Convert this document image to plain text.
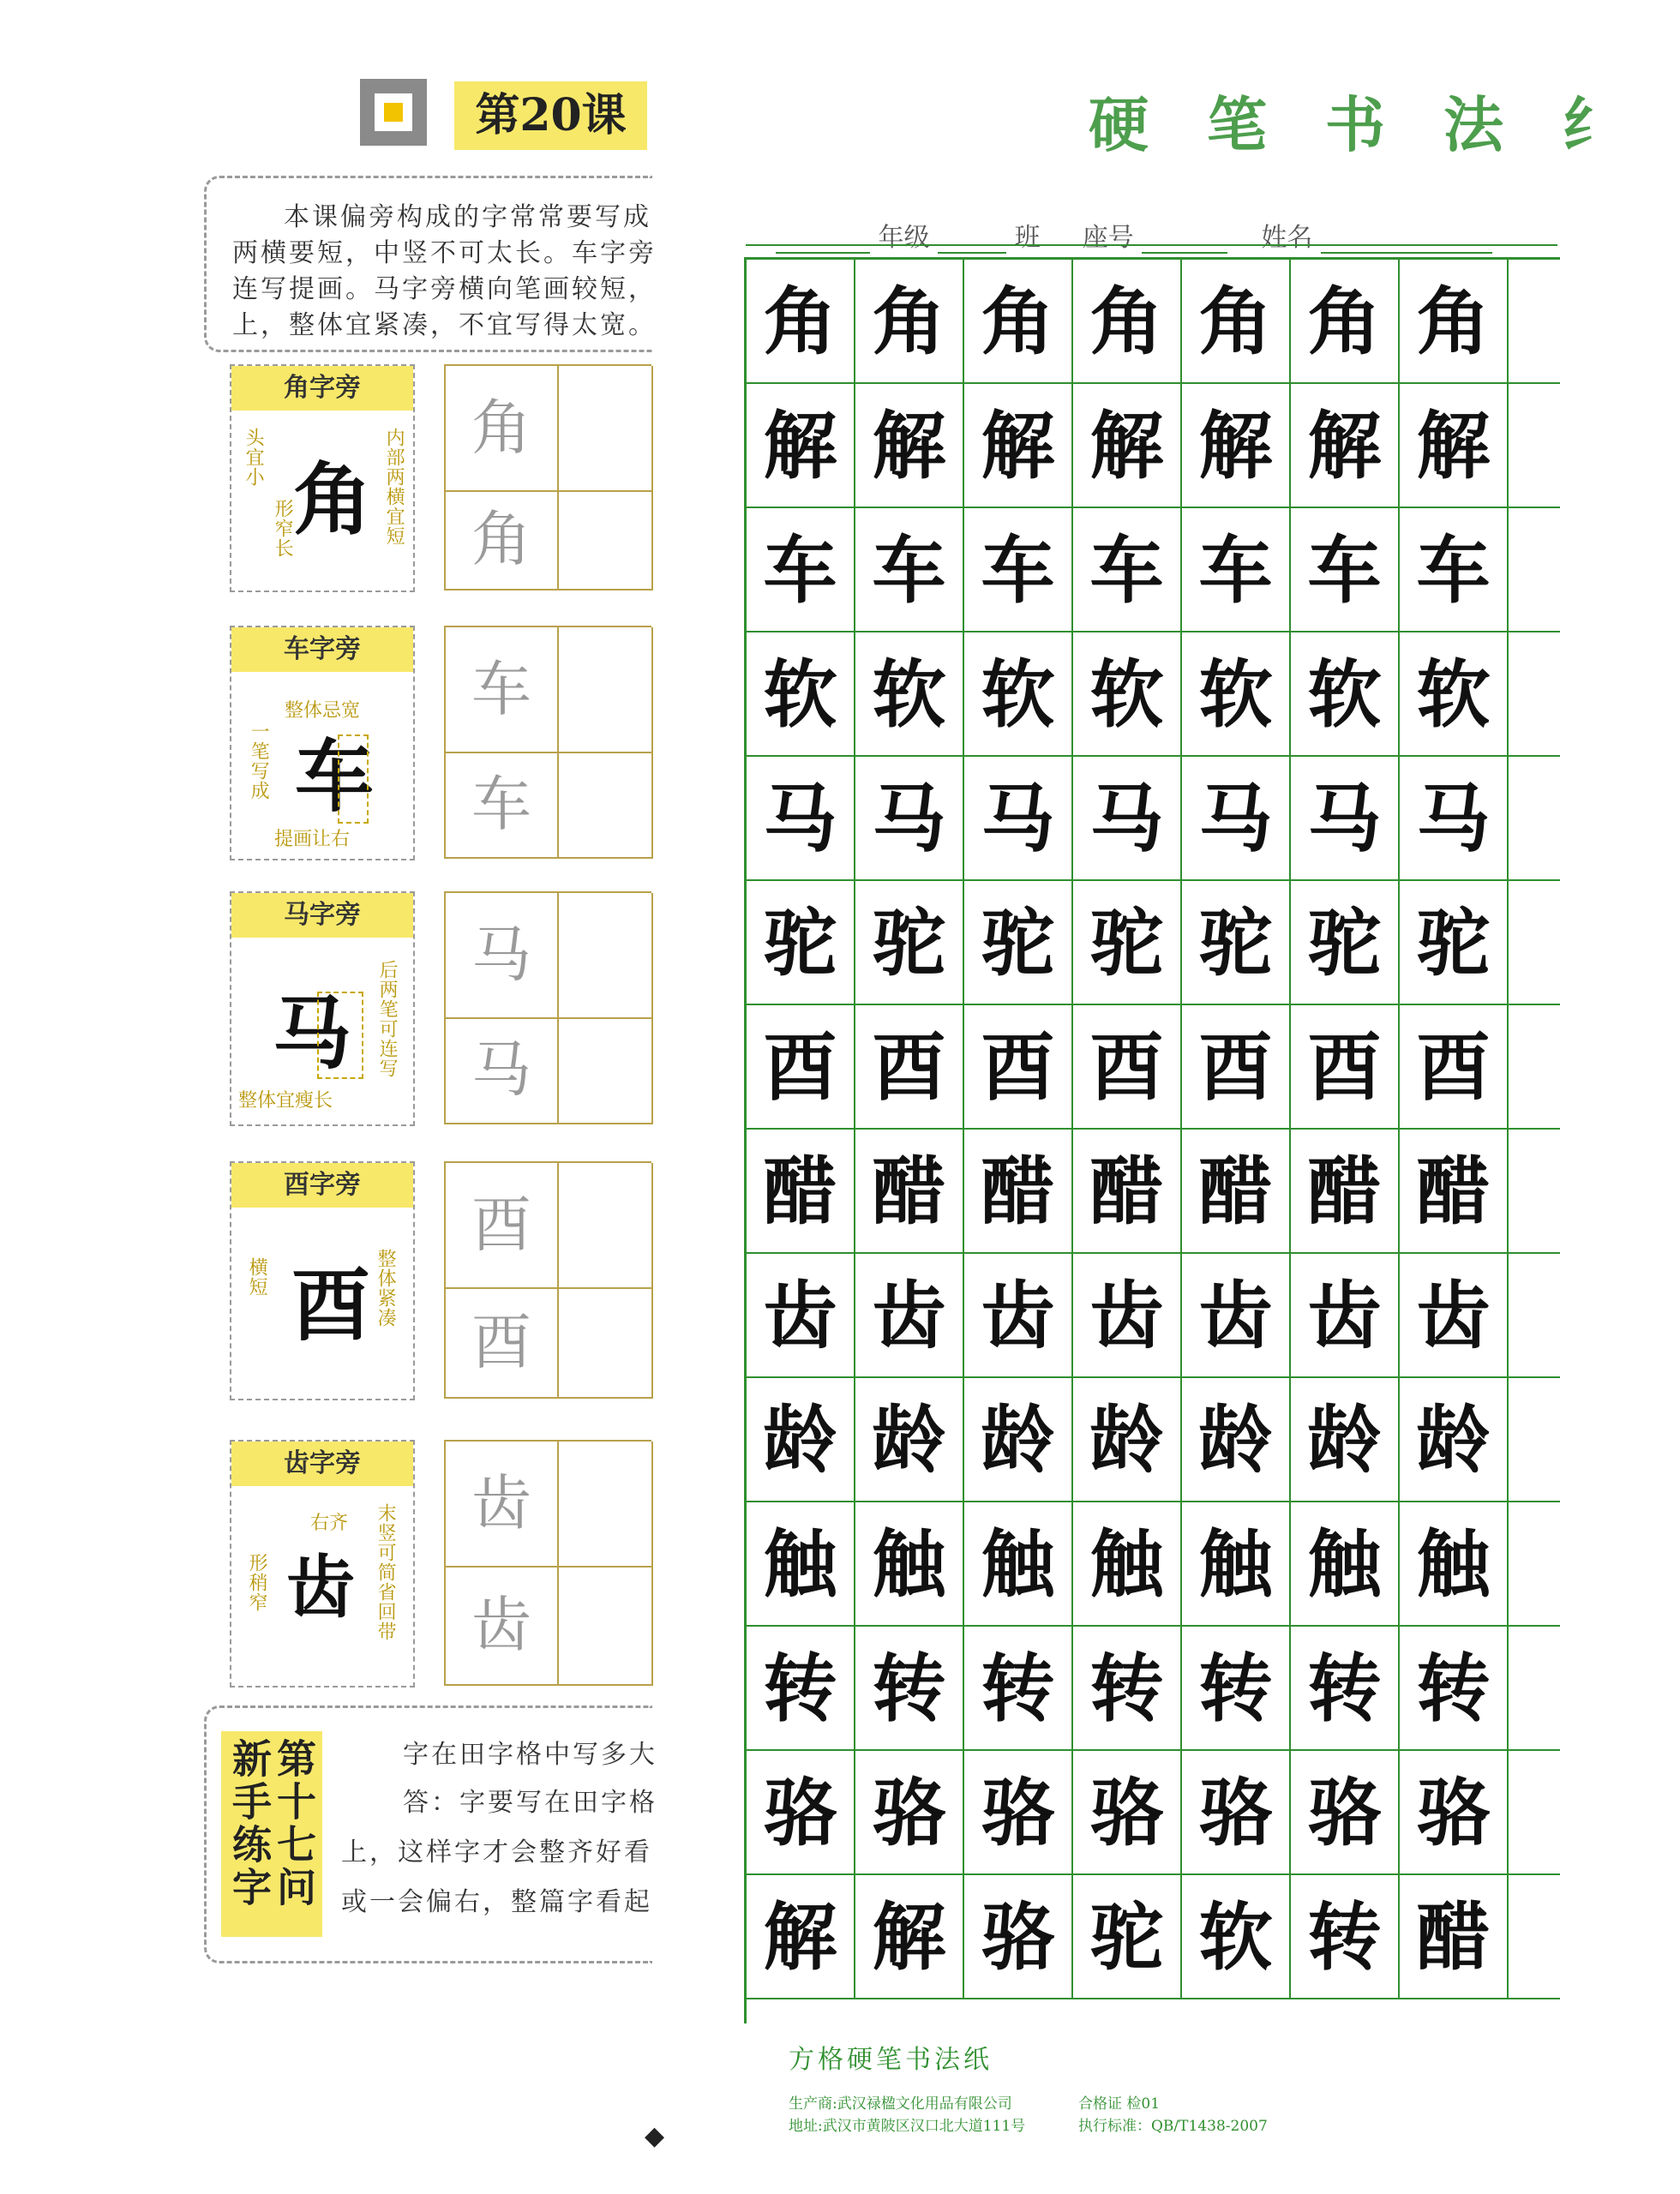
第20课
本课偏旁构成的字常常要写成
两横要短，中竖不可太长。车字旁
连写提画。马字旁横向笔画较短，
上，整体宜紧凑，不宜写得太宽。
角字旁
角
头宜小
形窄长	内部两横宜短	角
角
车字旁
整体忌宽
车
一笔写成
提画让右
车
车
马字旁
马 后两笔可连写
整体宜瘦长
马
马
酉字旁
横短 酉 整体紧凑
酉
酉
齿字旁
右齐
形稍窄 齿 末竖可简省回带	齿
齿
第十七问
新手练字	字在田字格中写多大
答：字要写在田字格
上，这样字才会整齐好看
或一会偏右，整篇字看起
◆
硬笔书法纟
年级	班 座号	姓名
角 角 角 角 角 角 角
解 解 解 解 解 解 解
车 车 车 车 车 车 车
软 软 软 软 软 软 软
马 马 马 马 马 马 马
驼 驼 驼 驼 驼 驼 驼
酉 酉 酉 酉 酉 酉 酉
醋 醋 醋 醋 醋 醋 醋
齿 齿 齿 齿 齿 齿 齿
龄 龄 龄 龄 龄 龄 龄
触 触 触 触 触 触 触
转 转 转 转 转 转 转
骆 骆 骆 骆 骆 骆 骆
解 解 骆 驼 软 转 醋
方格硬笔书法纸
生产商:武汉禄楹文化用品有限公司	合格证 检01
地址:武汉市黄陂区汉口北大道111号	执行标准：QB/T1438-2007
